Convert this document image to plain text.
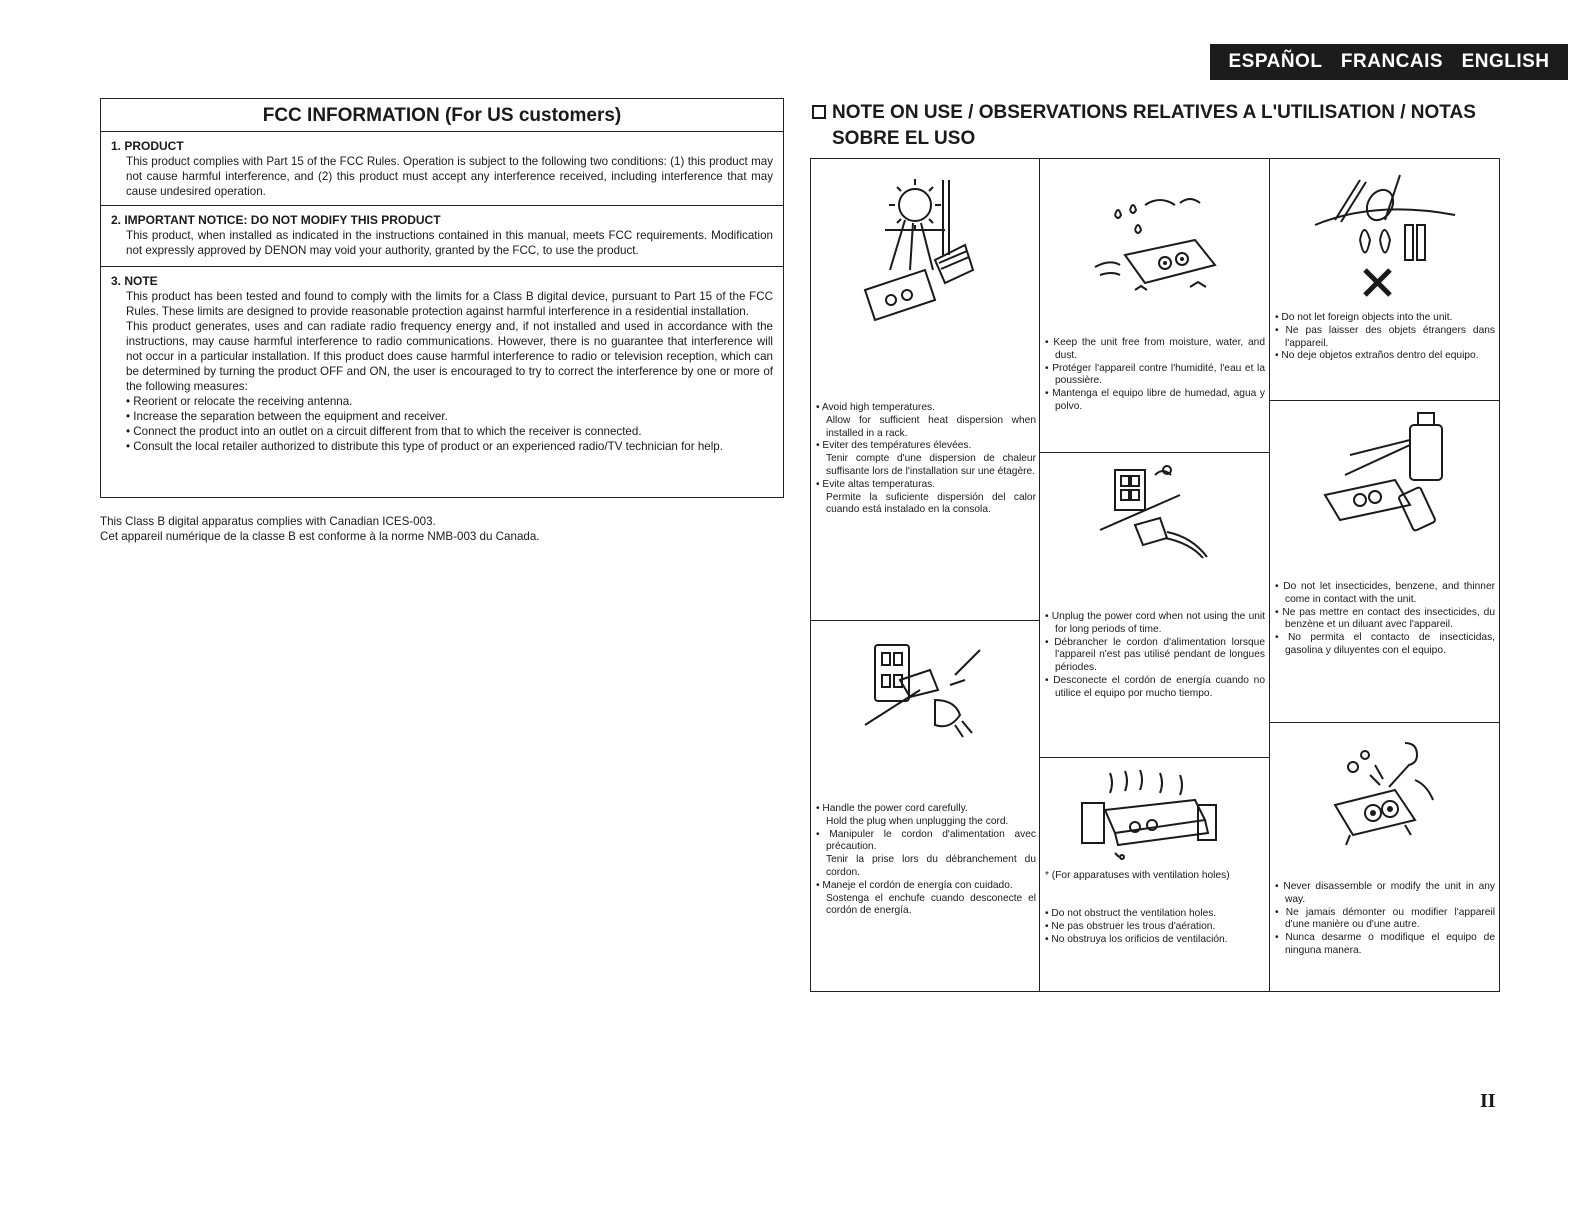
ESPAÑOL FRANCAIS ENGLISH
FCC INFORMATION (For US customers)
1. PRODUCT
This product complies with Part 15 of the FCC Rules. Operation is subject to the following two conditions: (1) this product may not cause harmful interference, and (2) this product must accept any interference received, including interference that may cause undesired operation.
2. IMPORTANT NOTICE: DO NOT MODIFY THIS PRODUCT
This product, when installed as indicated in the instructions contained in this manual, meets FCC requirements. Modification not expressly approved by DENON may void your authority, granted by the FCC, to use the product.
3. NOTE
This product has been tested and found to comply with the limits for a Class B digital device, pursuant to Part 15 of the FCC Rules. These limits are designed to provide reasonable protection against harmful interference in a residential installation.
This product generates, uses and can radiate radio frequency energy and, if not installed and used in accordance with the instructions, may cause harmful interference to radio communications. However, there is no guarantee that interference will not occur in a particular installation. If this product does cause harmful interference to radio or television reception, which can be determined by turning the product OFF and ON, the user is encouraged to try to correct the interference by one or more of the following measures:
• Reorient or relocate the receiving antenna.
• Increase the separation between the equipment and receiver.
• Connect the product into an outlet on a circuit different from that to which the receiver is connected.
• Consult the local retailer authorized to distribute this type of product or an experienced radio/TV technician for help.
This Class B digital apparatus complies with Canadian ICES-003.
Cet appareil numérique de la classe B est conforme à la norme NMB-003 du Canada.
NOTE ON USE / OBSERVATIONS RELATIVES A L'UTILISATION / NOTAS
SOBRE EL USO
• Avoid high temperatures.
Allow for sufficient heat dispersion when installed in a rack.
• Eviter des températures élevées.
Tenir compte d'une dispersion de chaleur suffisante lors de l'installation sur une étagère.
• Evite altas temperaturas.
Permite la suficiente dispersión del calor cuando está instalado en la consola.
• Keep the unit free from moisture, water, and dust.
• Protéger l'appareil contre l'humidité, l'eau et la poussière.
• Mantenga el equipo libre de humedad, agua y polvo.
• Do not let foreign objects into the unit.
• Ne pas laisser des objets étrangers dans l'appareil.
• No deje objetos extraños dentro del equipo.
• Unplug the power cord when not using the unit for long periods of time.
• Débrancher le cordon d'alimentation lorsque l'appareil n'est pas utilisé pendant de longues périodes.
• Desconecte el cordón de energía cuando no utilice el equipo por mucho tiempo.
• Do not let insecticides, benzene, and thinner come in contact with the unit.
• Ne pas mettre en contact des insecticides, du benzène et un diluant avec l'appareil.
• No permita el contacto de insecticidas, gasolina y diluyentes con el equipo.
• Handle the power cord carefully.
Hold the plug when unplugging the cord.
• Manipuler le cordon d'alimentation avec précaution.
Tenir la prise lors du débranchement du cordon.
• Maneje el cordón de energía con cuidado.
Sostenga el enchufe cuando desconecte el cordón de energía.
* (For apparatuses with ventilation holes)
• Do not obstruct the ventilation holes.
• Ne pas obstruer les trous d'aération.
• No obstruya los orificios de ventilación.
• Never disassemble or modify the unit in any way.
• Ne jamais démonter ou modifier l'appareil d'une manière ou d'une autre.
• Nunca desarme o modifique el equipo de ninguna manera.
II
